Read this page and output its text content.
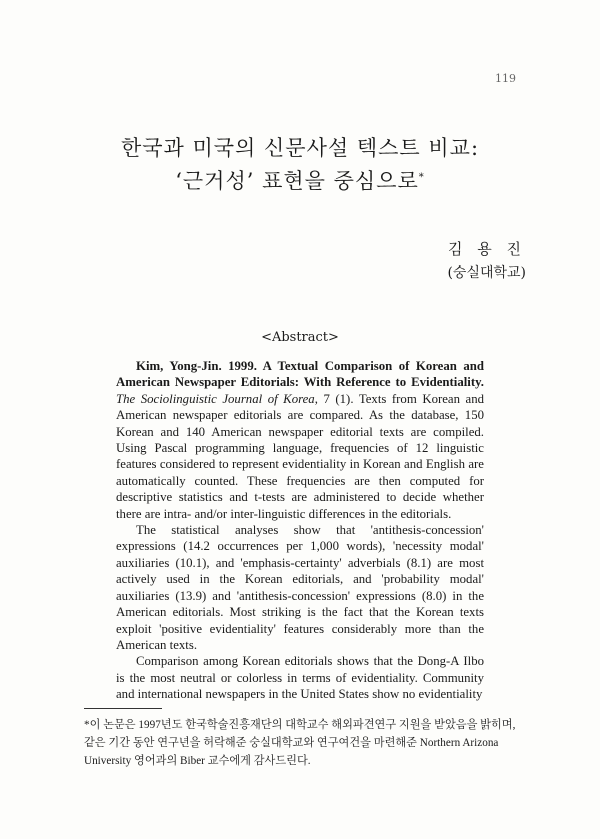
119
한국과 미국의 신문사설 텍스트 비교:
‘근거성’ 표현을 중심으로*
김 용 진
(숭실대학교)
<Abstract>

Kim, Yong-Jin. 1999. A Textual Comparison of Korean and American Newspaper Editorials: With Reference to Evidentiality. The Sociolinguistic Journal of Korea, 7 (1). Texts from Korean and American newspaper editorials are compared. As the database, 150 Korean and 140 American newspaper editorial texts are compiled. Using Pascal programming language, frequencies of 12 linguistic features considered to represent evidentiality in Korean and English are automatically counted. These frequencies are then computed for descriptive statistics and t-tests are administered to decide whether there are intra- and/or inter-linguistic differences in the editorials.

The statistical analyses show that 'antithesis-concession' expressions (14.2 occurrences per 1,000 words), 'necessity modal' auxiliaries (10.1), and 'emphasis-certainty' adverbials (8.1) are most actively used in the Korean editorials, and 'probability modal' auxiliaries (13.9) and 'antithesis-concession' expressions (8.0) in the American editorials. Most striking is the fact that the Korean texts exploit 'positive evidentiality' features considerably more than the American texts.

Comparison among Korean editorials shows that the Dong-A Ilbo is the most neutral or colorless in terms of evidentiality. Community and international newspapers in the United States show no evidentiality

*이 논문은 1997년도 한국학술진흥재단의 대학교수 해외파견연구 지원을 받았음을 밝히며,

같은 기간 동안 연구년을 허락해준 숭실대학교와 연구여건을 마련해준 Northern Arizona

University 영어과의 Biber 교수에게 감사드린다.
